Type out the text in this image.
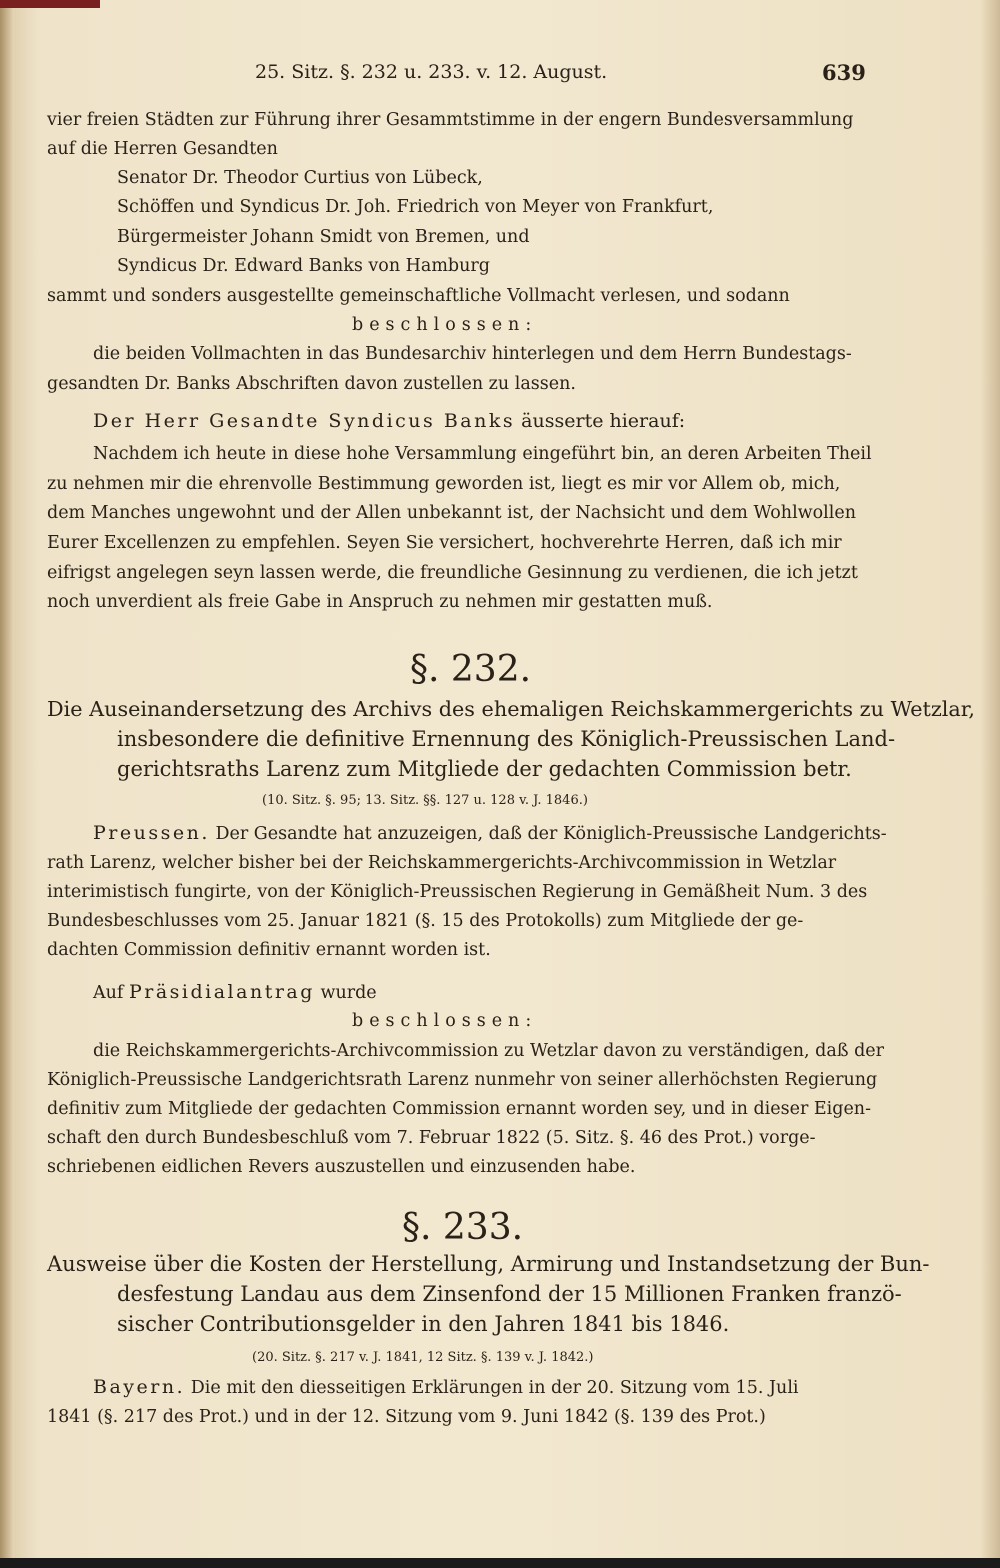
25. Sitz. §. 232 u. 233. v. 12. August.	639
vier freien Städten zur Führung ihrer Gesammtstimme in der engern Bundesversammlung
auf die Herren Gesandten
Senator Dr. Theodor Curtius von Lübeck,
Schöffen und Syndicus Dr. Joh. Friedrich von Meyer von Frankfurt,
Bürgermeister Johann Smidt von Bremen, und
Syndicus Dr. Edward Banks von Hamburg
sammt und sonders ausgestellte gemeinschaftliche Vollmacht verlesen, und sodann
beschlossen:
die beiden Vollmachten in das Bundesarchiv hinterlegen und dem Herrn Bundestags-
gesandten Dr. Banks Abschriften davon zustellen zu lassen.
Der Herr Gesandte Syndicus Banks äusserte hierauf:
Nachdem ich heute in diese hohe Versammlung eingeführt bin, an deren Arbeiten Theil
zu nehmen mir die ehrenvolle Bestimmung geworden ist, liegt es mir vor Allem ob, mich,
dem Manches ungewohnt und der Allen unbekannt ist, der Nachsicht und dem Wohlwollen
Eurer Excellenzen zu empfehlen. Seyen Sie versichert, hochverehrte Herren, daß ich mir
eifrigst angelegen seyn lassen werde, die freundliche Gesinnung zu verdienen, die ich jetzt
noch unverdient als freie Gabe in Anspruch zu nehmen mir gestatten muß.
§. 232.
Die Auseinandersetzung des Archivs des ehemaligen Reichskammergerichts zu Wetzlar,
insbesondere die definitive Ernennung des Königlich-Preussischen Land-
gerichtsraths Larenz zum Mitgliede der gedachten Commission betr.
(10. Sitz. §. 95; 13. Sitz. §§. 127 u. 128 v. J. 1846.)
Preussen. Der Gesandte hat anzuzeigen, daß der Königlich-Preussische Landgerichts-
rath Larenz, welcher bisher bei der Reichskammergerichts-Archivcommission in Wetzlar
interimistisch fungirte, von der Königlich-Preussischen Regierung in Gemäßheit Num. 3 des
Bundesbeschlusses vom 25. Januar 1821 (§. 15 des Protokolls) zum Mitgliede der ge-
dachten Commission definitiv ernannt worden ist.
Auf Präsidialantrag wurde
beschlossen:
die Reichskammergerichts-Archivcommission zu Wetzlar davon zu verständigen, daß der
Königlich-Preussische Landgerichtsrath Larenz nunmehr von seiner allerhöchsten Regierung
definitiv zum Mitgliede der gedachten Commission ernannt worden sey, und in dieser Eigen-
schaft den durch Bundesbeschluß vom 7. Februar 1822 (5. Sitz. §. 46 des Prot.) vorge-
schriebenen eidlichen Revers auszustellen und einzusenden habe.
§. 233.
Ausweise über die Kosten der Herstellung, Armirung und Instandsetzung der Bun-
desfestung Landau aus dem Zinsenfond der 15 Millionen Franken franzö-
sischer Contributionsgelder in den Jahren 1841 bis 1846.
(20. Sitz. §. 217 v. J. 1841, 12 Sitz. §. 139 v. J. 1842.)
Bayern. Die mit den diesseitigen Erklärungen in der 20. Sitzung vom 15. Juli
1841 (§. 217 des Prot.) und in der 12. Sitzung vom 9. Juni 1842 (§. 139 des Prot.)
